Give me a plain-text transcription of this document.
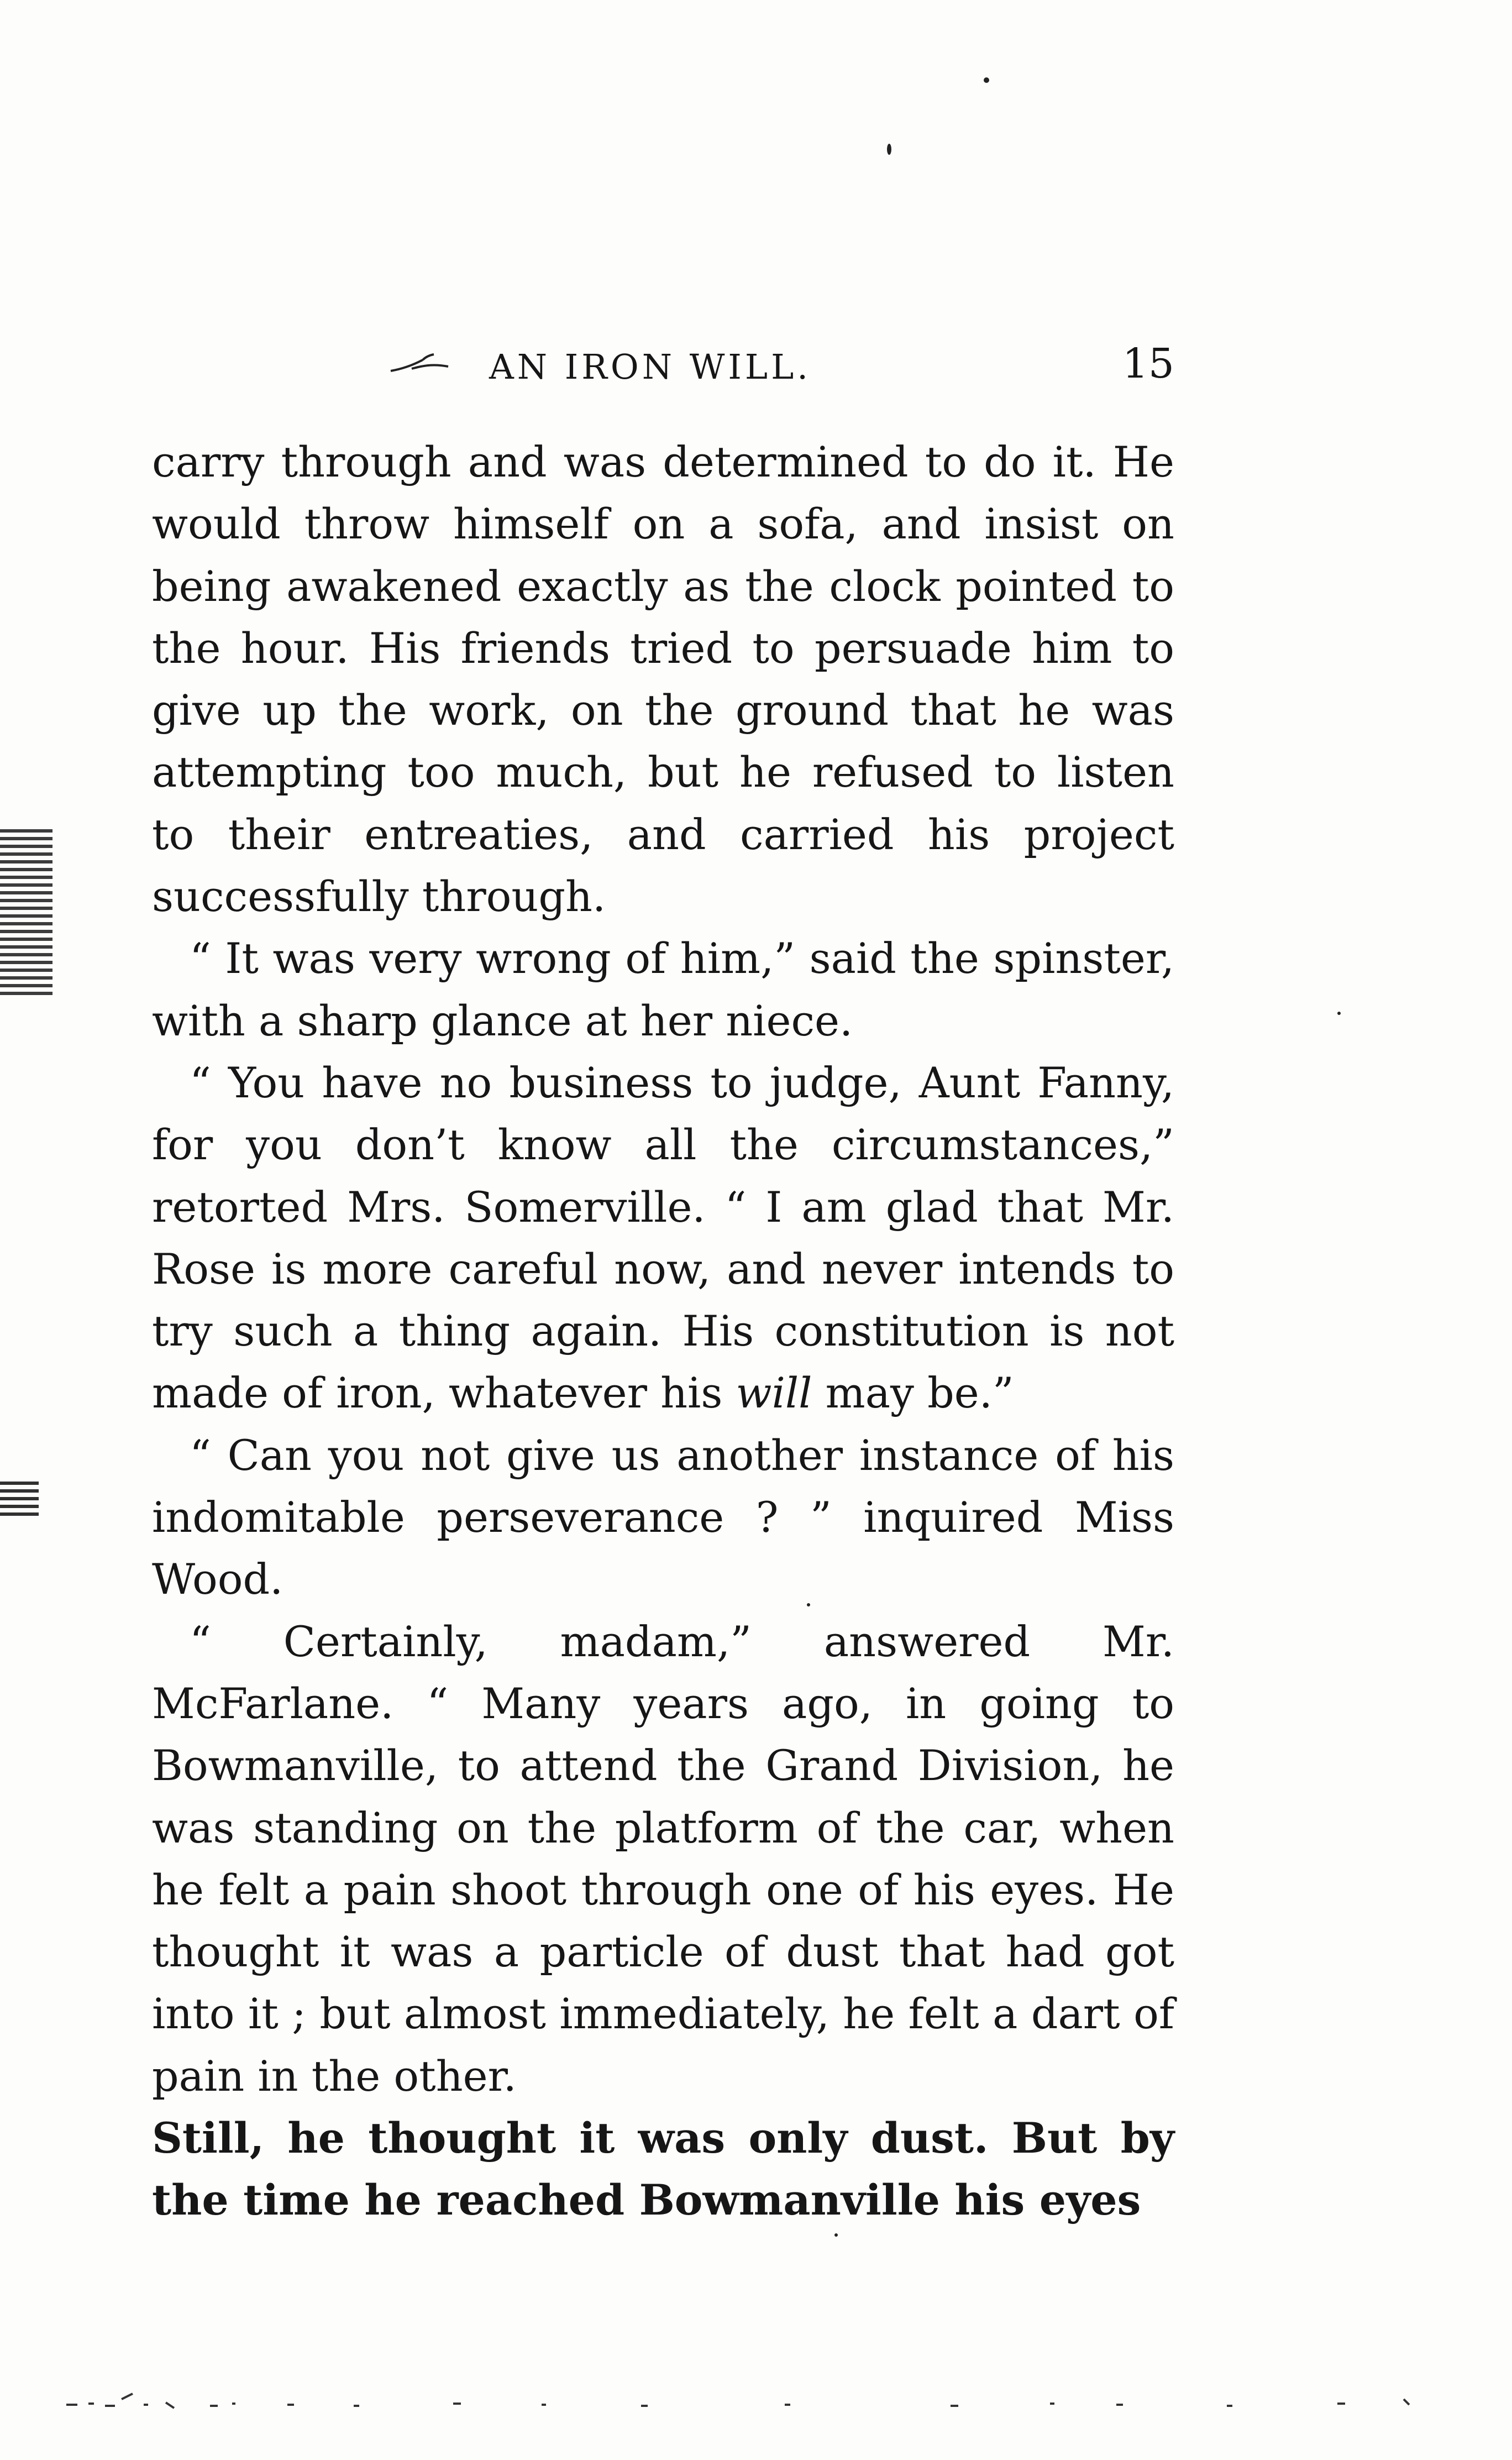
AN IRON WILL.	15

carry through and was determined to do it. He would throw himself on a sofa, and insist on being awakened exactly as the clock pointed to the hour. His friends tried to persuade him to give up the work, on the ground that he was attempting too much, but he refused to listen to their entreaties, and carried his project successfully through.

“ It was very wrong of him,” said the spinster, with a sharp glance at her niece.

“ You have no business to judge, Aunt Fanny, for you don’t know all the circumstances,” retorted Mrs. Somerville. “ I am glad that Mr. Rose is more careful now, and never intends to try such a thing again. His constitution is not made of iron, whatever his will may be.”

“ Can you not give us another instance of his indomitable perseverance ? ” inquired Miss Wood.

“ Certainly, madam,” answered Mr. McFarlane. “ Many years ago, in going to Bowmanville, to attend the Grand Division, he was standing on the platform of the car, when he felt a pain shoot through one of his eyes. He thought it was a particle of dust that had got into it ; but almost immediately, he felt a dart of pain in the other.

Still, he thought it was only dust. But by the time he reached Bowmanville his eyes
